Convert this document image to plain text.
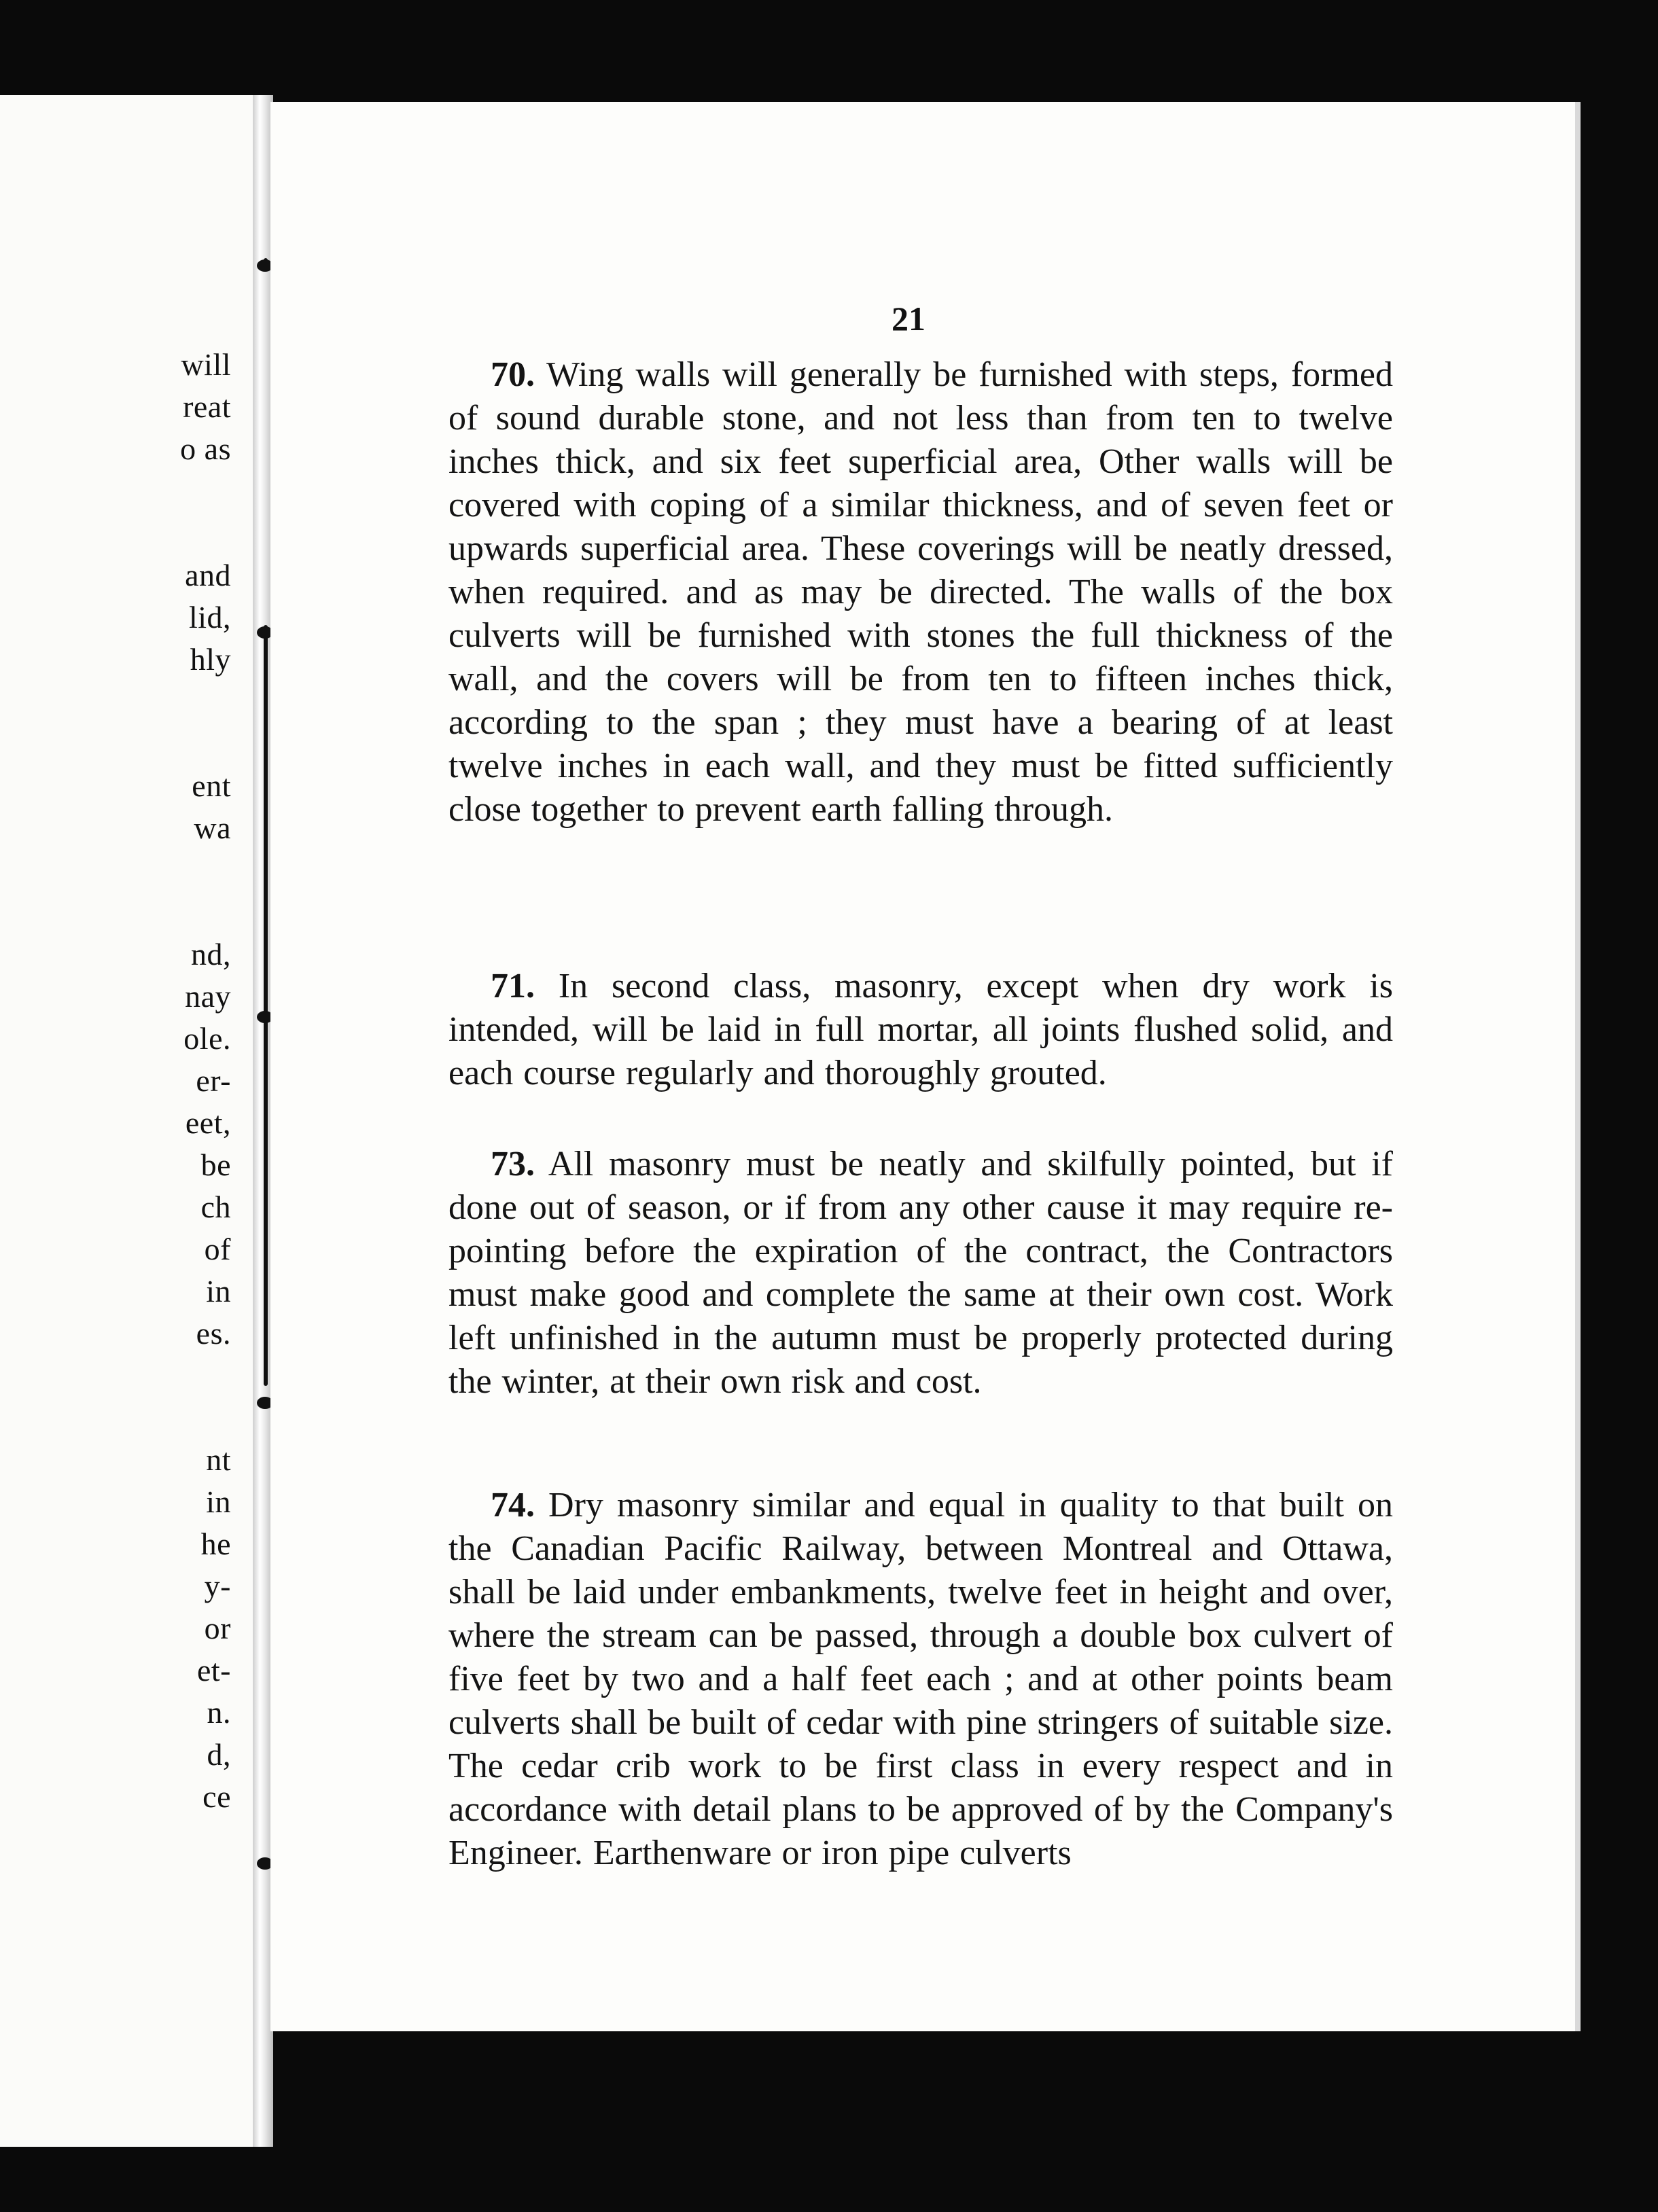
will
reat
o as
and
lid,
hly
ent
wa
nd,
nay
ole.
er-
eet,
be
ch
of
in
es.
nt
in
he
y-
or
et-
n.
d,
ce
21
70. Wing walls will generally be furnished with steps, formed of sound durable stone, and not less than from ten to twelve inches thick, and six feet superficial area, Other walls will be covered with coping of a similar thickness, and of seven feet or upwards superficial area. These coverings will be neatly dressed, when required. and as may be directed. The walls of the box culverts will be furnished with stones the full thickness of the wall, and the covers will be from ten to fifteen inches thick, according to the span ; they must have a bearing of at least twelve inches in each wall, and they must be fitted sufficiently close together to prevent earth falling through.
71. In second class, masonry, except when dry work is intended, will be laid in full mortar, all joints flushed solid, and each course regularly and thoroughly grouted.
73. All masonry must be neatly and skilfully pointed, but if done out of season, or if from any other cause it may require re-pointing before the expiration of the contract, the Contractors must make good and complete the same at their own cost. Work left unfinished in the autumn must be properly protected during the winter, at their own risk and cost.
74. Dry masonry similar and equal in quality to that built on the Canadian Pacific Railway, between Montreal and Ottawa, shall be laid under embankments, twelve feet in height and over, where the stream can be passed, through a double box culvert of five feet by two and a half feet each ; and at other points beam culverts shall be built of cedar with pine stringers of suitable size. The cedar crib work to be first class in every respect and in accordance with detail plans to be approved of by the Company's Engineer. Earthenware or iron pipe culverts
